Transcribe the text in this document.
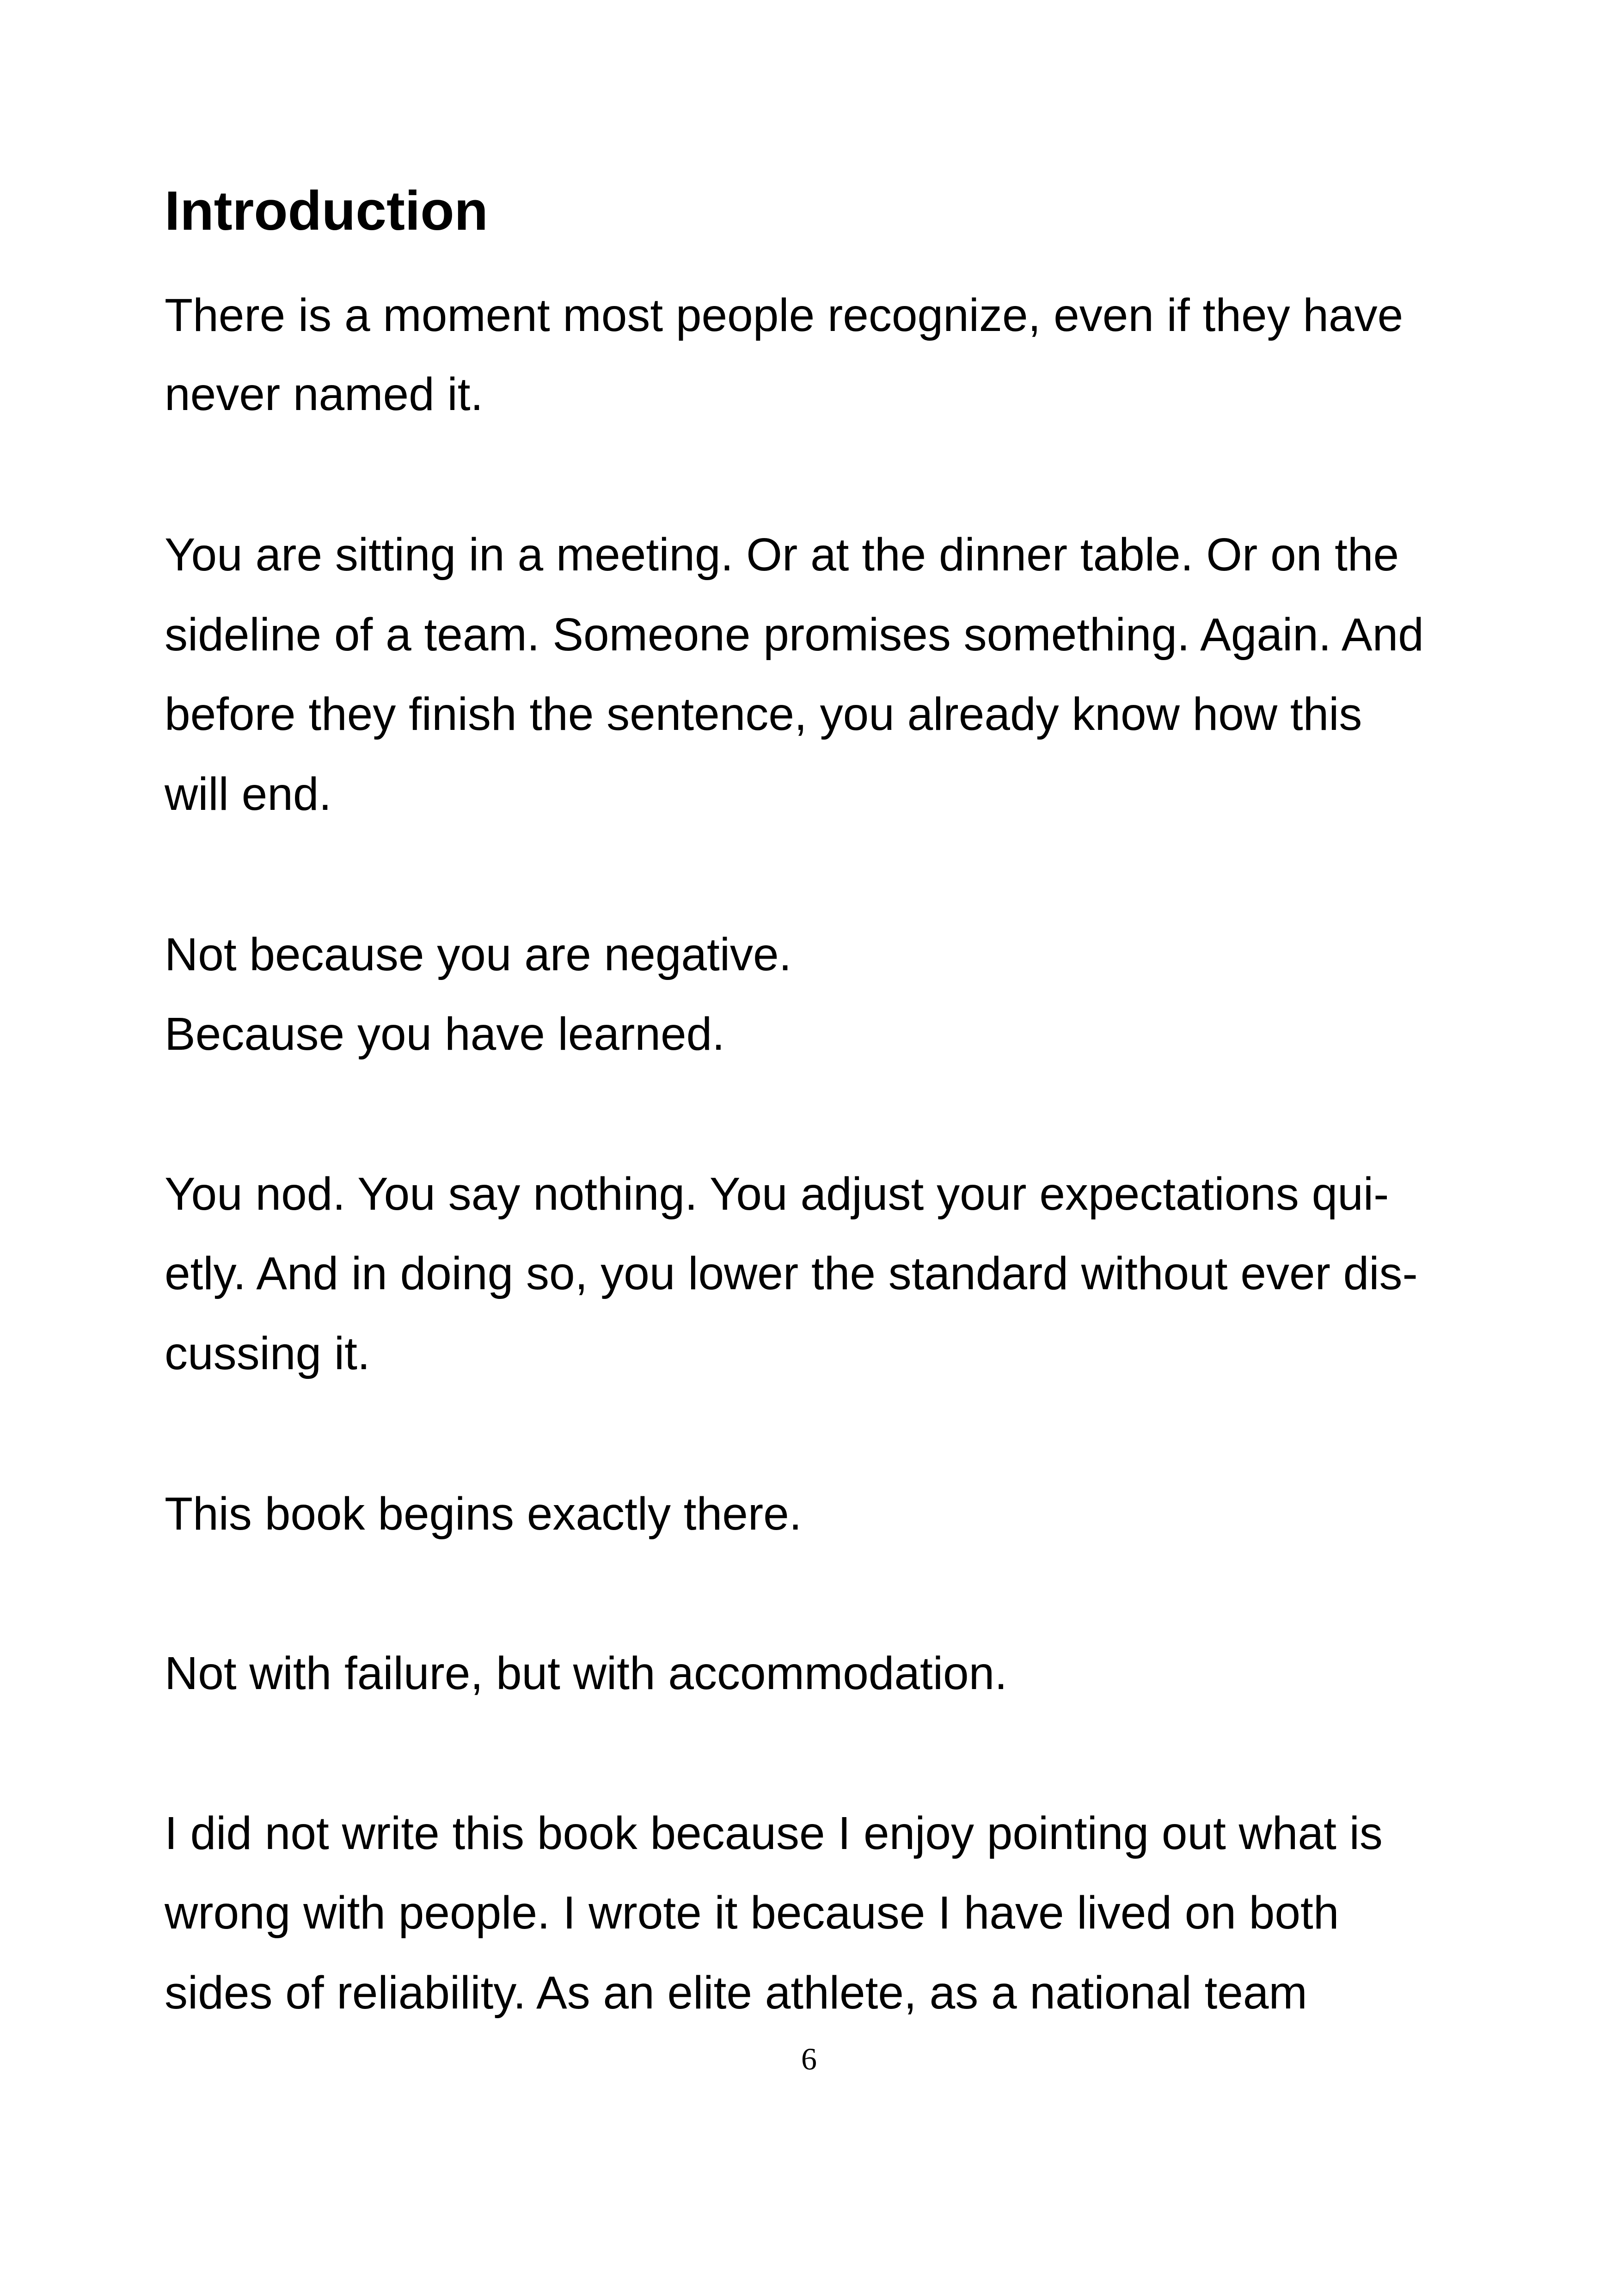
Introduction

There is a moment most people recognize, even if they have

never named it.

You are sitting in a meeting. Or at the dinner table. Or on the

sideline of a team. Someone promises something. Again. And

before they finish the sentence, you already know how this

will end.

Not because you are negative.

Because you have learned.

You nod. You say nothing. You adjust your expectations qui-

etly. And in doing so, you lower the standard without ever dis-

cussing it.

This book begins exactly there.

Not with failure, but with accommodation.

I did not write this book because I enjoy pointing out what is

wrong with people. I wrote it because I have lived on both

sides of reliability. As an elite athlete, as a national team

6
